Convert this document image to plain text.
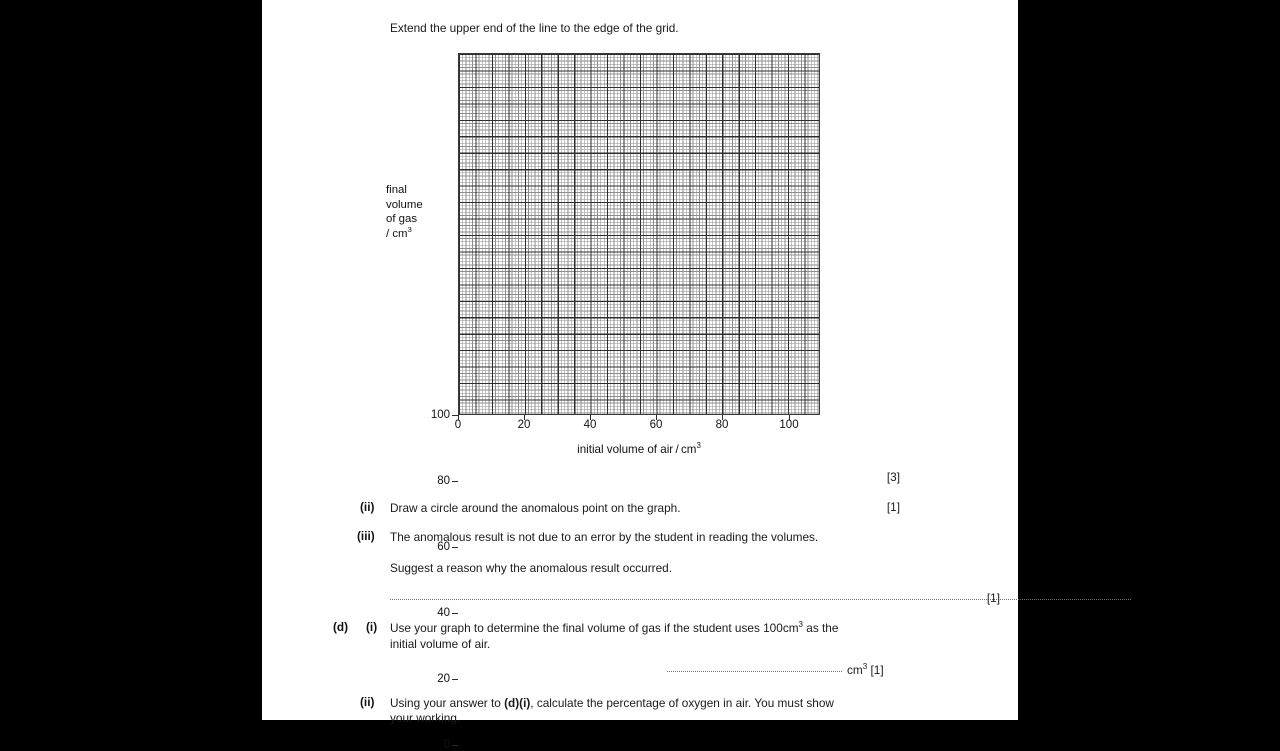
Extend the upper end of the line to the edge of the grid.
100
80
60
40
20
0
0	20	40	60	80	100
final
volume
of gas
/ $cm^3$
initial volume of air / $cm^3$
[3]
(ii) Draw a circle around the anomalous point on the graph.	[1]
(iii) The anomalous result is not due to an error by the student in reading the volumes.
Suggest a reason why the anomalous result occurred.
[1]
(d) (i) Use your graph to determine the final volume of gas if the student uses $100cm^3$ as the
initial volume of air.
$cm^3$ [1]
(ii) Using your answer to (d)(i), calculate the percentage of oxygen in air. You must show
your working.
